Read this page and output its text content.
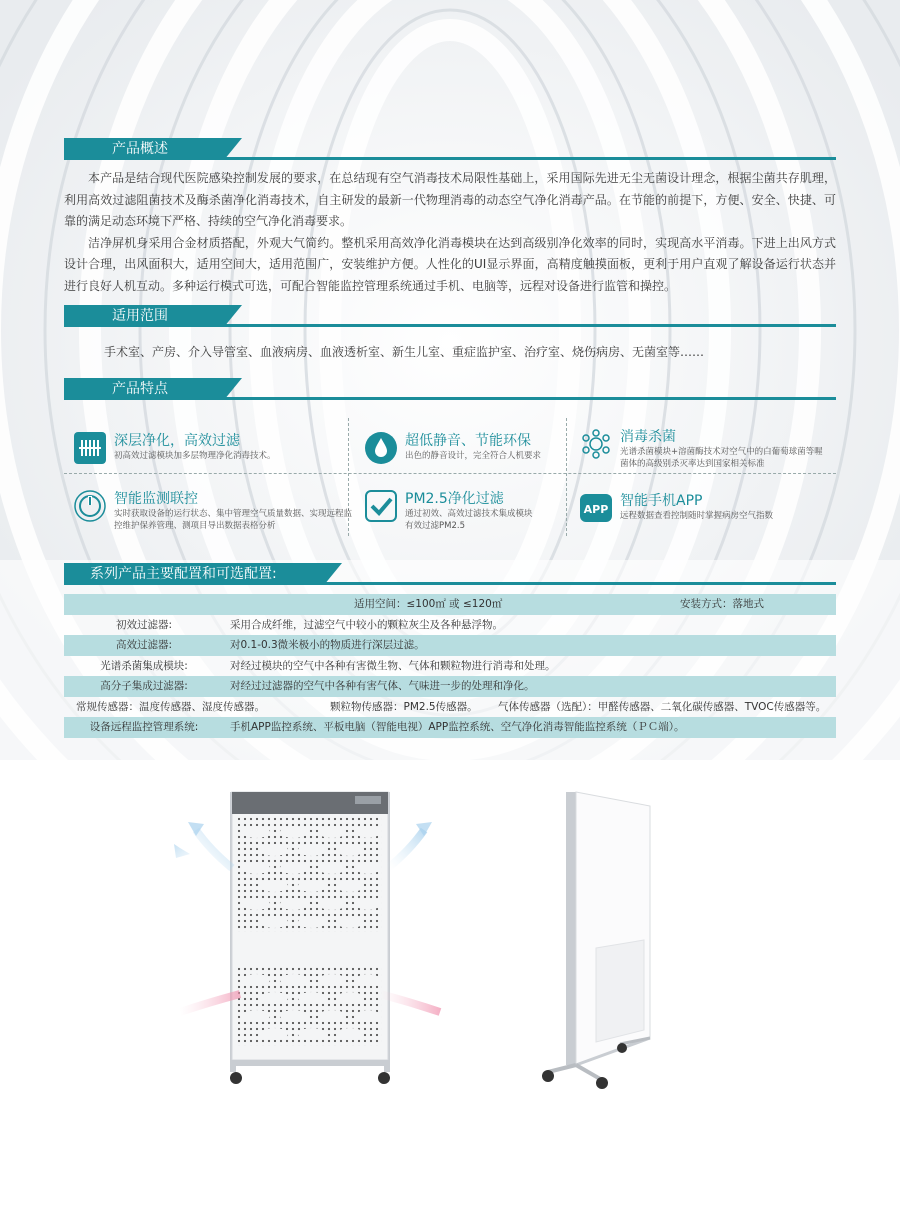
产品概述

本产品是结合现代医院感染控制发展的要求，在总结现有空气消毒技术局限性基础上，采用国际先进无尘无菌设计理念，根据尘菌共存肌理，利用高效过滤阻菌技术及酶杀菌净化消毒技术，自主研发的最新一代物理消毒的动态空气净化消毒产品。在节能的前提下，方便、安全、快捷、可靠的满足动态环境下严格、持续的空气净化消毒要求。

洁净屏机身采用合金材质搭配，外观大气简约。整机采用高效净化消毒模块在达到高级别净化效率的同时，实现高水平消毒。下进上出风方式设计合理，出风面积大，适用空间大，适用范围广，安装维护方便。人性化的UI显示界面，高精度触摸面板，更利于用户直观了解设备运行状态并进行良好人机互动。多种运行模式可选，可配合智能监控管理系统通过手机、电脑等，远程对设备进行监管和操控。

适用范围
手术室、产房、介入导管室、血液病房、血液透析室、新生儿室、重症监护室、治疗室、烧伤病房、无菌室等……
产品特点
深层净化，高效过滤
初高效过滤模块加多层物理净化消毒技术。
超低静音、节能环保
出色的静音设计，完全符合人机要求
消毒杀菌
光谱杀菌模块+溶菌酶技术对空气中的白葡萄球菌等喔菌体的高级别杀灭率达到国家相关标准
智能监测联控
实时获取设备的运行状态、集中管理空气质量数据、实现远程监控维护保养管理、测项目导出数据表格分析
PM2.5净化过滤
通过初效、高效过滤技术集成模块有效过滤PM2.5
APP
智能手机APP
远程数据查看控制随时掌握病房空气指数
系列产品主要配置和可选配置:
适用空间：≤100㎡ 或 ≤120㎡	安装方式：落地式
初效过滤器:	采用合成纤维，过滤空气中较小的颗粒灰尘及各种悬浮物。
高效过滤器:	对0.1-0.3微米极小的物质进行深层过滤。
光谱杀菌集成模块:	对经过模块的空气中各种有害微生物、气体和颗粒物进行消毒和处理。
高分子集成过滤器:	对经过过滤器的空气中各种有害气体、气味进一步的处理和净化。
常规传感器：温度传感器、湿度传感器。	颗粒物传感器：PM2.5传感器。 气体传感器（选配）：甲醛传感器、二氧化碳传感器、TVOC传感器等。
设备远程监控管理系统:	手机APP监控系统、平板电脑（智能电视）APP监控系统、空气净化消毒智能监控系统（ＰＣ端）。
